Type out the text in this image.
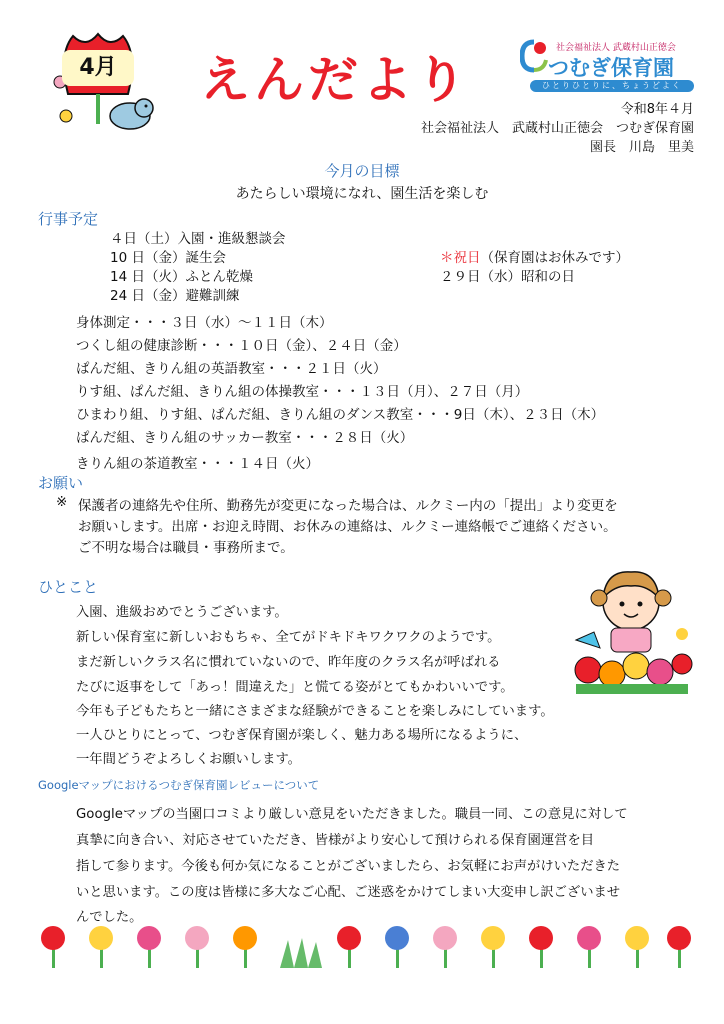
4月	えんだより
社会福祉法人 武蔵村山正徳会
つむぎ保育園
ひとりひとりに、ちょうどよく
令和8年４月
社会福祉法人　武蔵村山正徳会　つむぎ保育園
園長　川島　里美
今月の目標
あたらしい環境になれ、園生活を楽しむ
行事予定
４日（土）入園・進級懇談会
10 日（金）誕生会
14 日（火）ふとん乾燥
24 日（金）避難訓練
＊祝日（保育園はお休みです）
２９日（水）昭和の日
身体測定・・・３日（水）～１１日（木）
つくし組の健康診断・・・１０日（金）、２４日（金）
ぱんだ組、きりん組の英語教室・・・２１日（火）
りす組、ぱんだ組、きりん組の体操教室・・・１３日（月）、２７日（月）
ひまわり組、りす組、ぱんだ組、きりん組のダンス教室・・・9日（木）、２３日（木）
ぱんだ組、きりん組のサッカー教室・・・２８日（火）
きりん組の茶道教室・・・１４日（火）
お願い
※ 保護者の連絡先や住所、勤務先が変更になった場合は、ルクミー内の「提出」より変更を
お願いします。出席・お迎え時間、お休みの連絡は、ルクミー連絡帳でご連絡ください。
ご不明な場合は職員・事務所まで。
ひとこと
入園、進級おめでとうございます。
新しい保育室に新しいおもちゃ、全てがドキドキワクワクのようです。
まだ新しいクラス名に慣れていないので、昨年度のクラス名が呼ばれる
たびに返事をして「あっ！間違えた」と慌てる姿がとてもかわいいです。
今年も子どもたちと一緒にさまざまな経験ができることを楽しみにしています。
一人ひとりにとって、つむぎ保育園が楽しく、魅力ある場所になるように、
一年間どうぞよろしくお願いします。
Googleマップにおけるつむぎ保育園レビューについて
Googleマップの当園口コミより厳しい意見をいただきました。職員一同、この意見に対して
真摯に向き合い、対応させていただき、皆様がより安心して預けられる保育園運営を目
指して参ります。今後も何か気になることがございましたら、お気軽にお声がけいただきた
いと思います。この度は皆様に多大なご心配、ご迷惑をかけてしまい大変申し訳ございませ
んでした。
